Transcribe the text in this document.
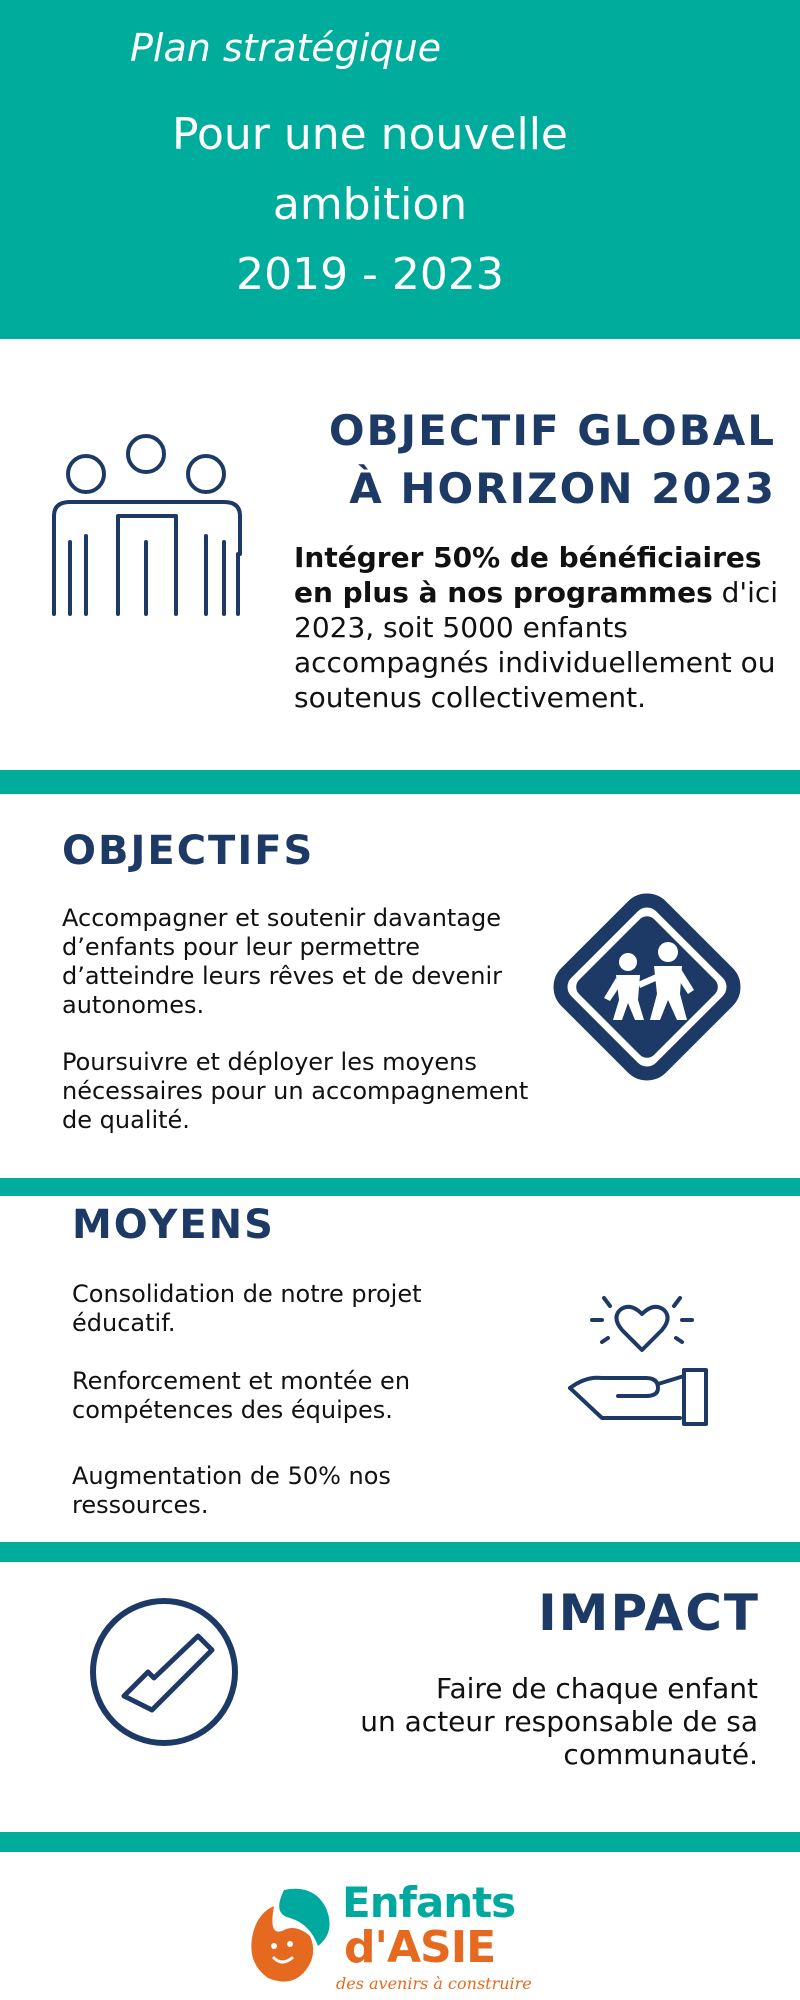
Plan stratégique
Pour une nouvelle
ambition
2019 - 2023
OBJECTIF GLOBAL
À HORIZON 2023
Intégrer 50% de bénéficiaires en plus à nos programmes d'ici 2023, soit 5000 enfants accompagnés individuellement ou soutenus collectivement.
OBJECTIFS
Accompagner et soutenir davantage d’enfants pour leur permettre d’atteindre leurs rêves et de devenir autonomes.
Poursuivre et déployer les moyens nécessaires pour un accompagnement de qualité.
MOYENS
Consolidation de notre projet éducatif.
Renforcement et montée en compétences des équipes.
Augmentation de 50% nos ressources.
IMPACT
Faire de chaque enfant
un acteur responsable de sa
communauté.
Enfants
d'ASIE
des avenirs à construire
